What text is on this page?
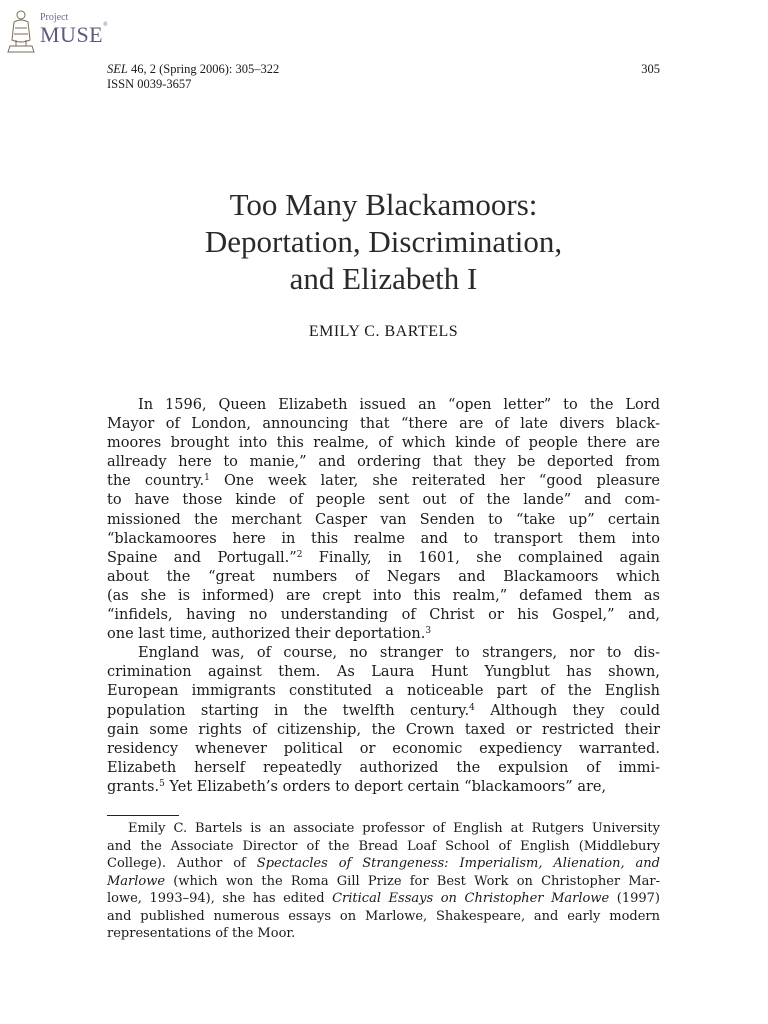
Project
MUSE®
SEL 46, 2 (Spring 2006): 305–322
ISSN 0039-3657
305
Too Many Blackamoors:
Deportation, Discrimination,
and Elizabeth I
EMILY C. BARTELS
In 1596, Queen Elizabeth issued an “open letter” to the Lord
Mayor of London, announcing that “there are of late divers black-
moores brought into this realme, of which kinde of people there are
allready here to manie,” and ordering that they be deported from
the country.$^1$ One week later, she reiterated her “good pleasure
to have those kinde of people sent out of the lande” and com-
missioned the merchant Casper van Senden to “take up” certain
“blackamoores here in this realme and to transport them into
Spaine and Portugall.”$^2$ Finally, in 1601, she complained again
about the “great numbers of Negars and Blackamoors which
(as she is informed) are crept into this realm,” defamed them as
“infidels, having no understanding of Christ or his Gospel,” and,
one last time, authorized their deportation.$^3$
England was, of course, no stranger to strangers, nor to dis-
crimination against them. As Laura Hunt Yungblut has shown,
European immigrants constituted a noticeable part of the English
population starting in the twelfth century.$^4$ Although they could
gain some rights of citizenship, the Crown taxed or restricted their
residency whenever political or economic expediency warranted.
Elizabeth herself repeatedly authorized the expulsion of immi-
grants.$^5$ Yet Elizabeth’s orders to deport certain “blackamoors” are,
Emily C. Bartels is an associate professor of English at Rutgers University
and the Associate Director of the Bread Loaf School of English (Middlebury
College). Author of Spectacles of Strangeness: Imperialism, Alienation, and
Marlowe (which won the Roma Gill Prize for Best Work on Christopher Mar-
lowe, 1993–94), she has edited Critical Essays on Christopher Marlowe (1997)
and published numerous essays on Marlowe, Shakespeare, and early modern
representations of the Moor.
